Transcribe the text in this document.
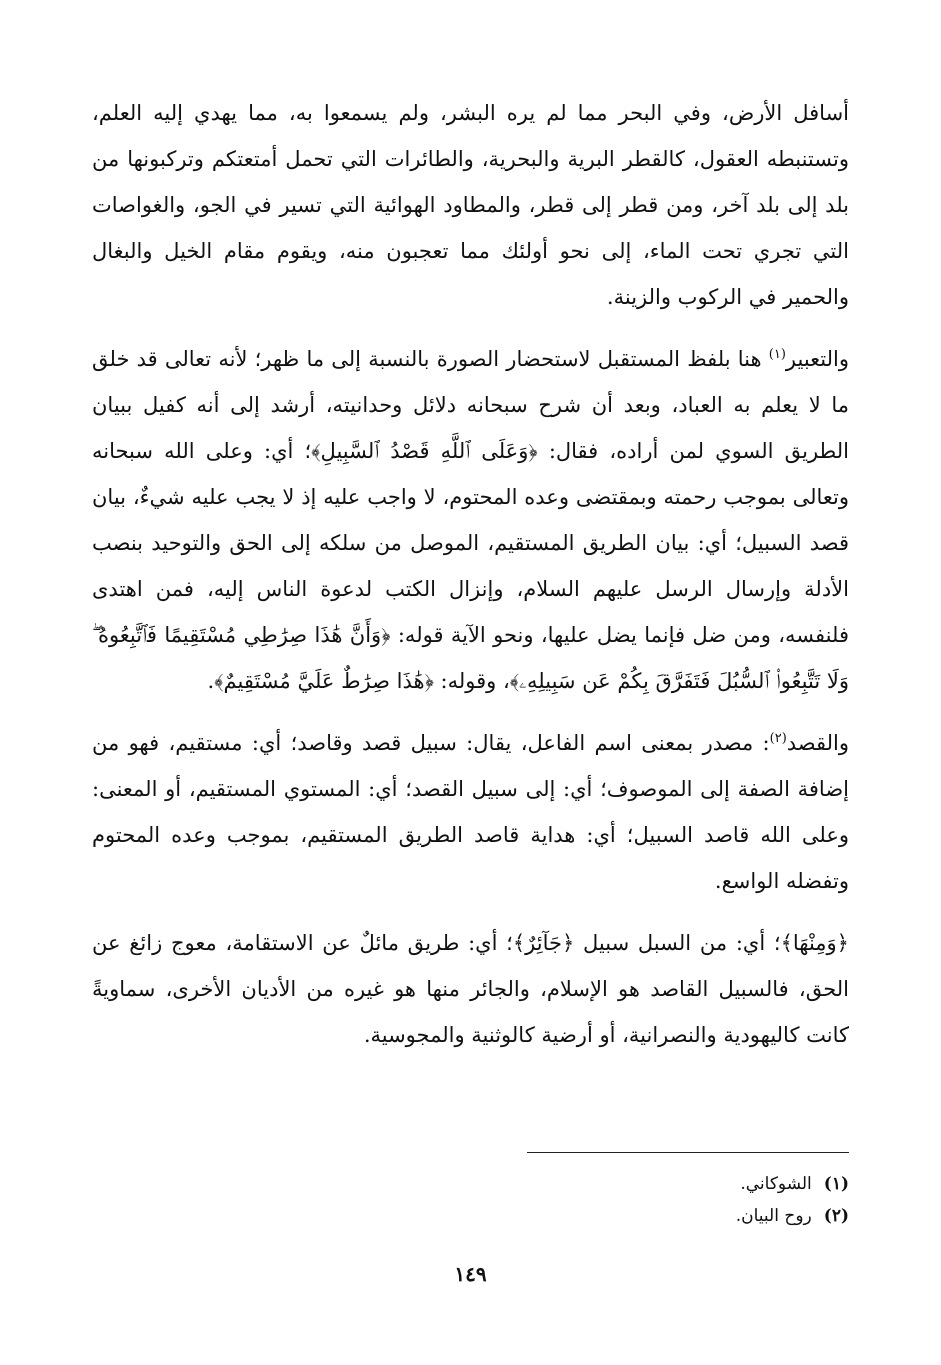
أسافل الأرض، وفي البحر مما لم يره البشر، ولم يسمعوا به، مما يهدي إليه العلم، وتستنبطه العقول، كالقطر البرية والبحرية، والطائرات التي تحمل أمتعتكم وتركبونها من بلد إلى بلد آخر، ومن قطر إلى قطر، والمطاود الهوائية التي تسير في الجو، والغواصات التي تجري تحت الماء، إلى نحو أولئك مما تعجبون منه، ويقوم مقام الخيل والبغال والحمير في الركوب والزينة.

والتعبير$^{(١)}$ هنا بلفظ المستقبل لاستحضار الصورة بالنسبة إلى ما ظهر؛ لأنه تعالى قد خلق ما لا يعلم به العباد، وبعد أن شرح سبحانه دلائل وحدانيته، أرشد إلى أنه كفيل ببيان الطريق السوي لمن أراده، فقال: ﴿وَعَلَى ٱللَّهِ قَصْدُ ٱلسَّبِيلِ﴾؛ أي: وعلى الله سبحانه وتعالى بموجب رحمته وبمقتضى وعده المحتوم، لا واجب عليه إذ لا يجب عليه شيءٌ، بيان قصد السبيل؛ أي: بيان الطريق المستقيم، الموصل من سلكه إلى الحق والتوحيد بنصب الأدلة وإرسال الرسل عليهم السلام، وإنزال الكتب لدعوة الناس إليه، فمن اهتدى فلنفسه، ومن ضل فإنما يضل عليها، ونحو الآية قوله: ﴿وَأَنَّ هَٰذَا صِرَٰطِي مُسْتَقِيمًا فَٱتَّبِعُوهُ ۖ وَلَا تَتَّبِعُوا۟ ٱلسُّبُلَ فَتَفَرَّقَ بِكُمْ عَن سَبِيلِهِۦ﴾، وقوله: ﴿هَٰذَا صِرَٰطٌ عَلَيَّ مُسْتَقِيمٌ﴾.

والقصد$^{(٢)}$: مصدر بمعنى اسم الفاعل، يقال: سبيل قصد وقاصد؛ أي: مستقيم، فهو من إضافة الصفة إلى الموصوف؛ أي: إلى سبيل القصد؛ أي: المستوي المستقيم، أو المعنى: وعلى الله قاصد السبيل؛ أي: هداية قاصد الطريق المستقيم، بموجب وعده المحتوم وتفضله الواسع.

﴿وَمِنْهَا﴾؛ أي: من السبل سبيل ﴿جَآئِرٌ﴾؛ أي: طريق مائلٌ عن الاستقامة، معوج زائغ عن الحق، فالسبيل القاصد هو الإسلام، والجائر منها هو غيره من الأديان الأخرى، سماويةً كانت كاليهودية والنصرانية، أو أرضية كالوثنية والمجوسية.

(١)الشوكاني.
(٢)روح البيان.
١٤٩
